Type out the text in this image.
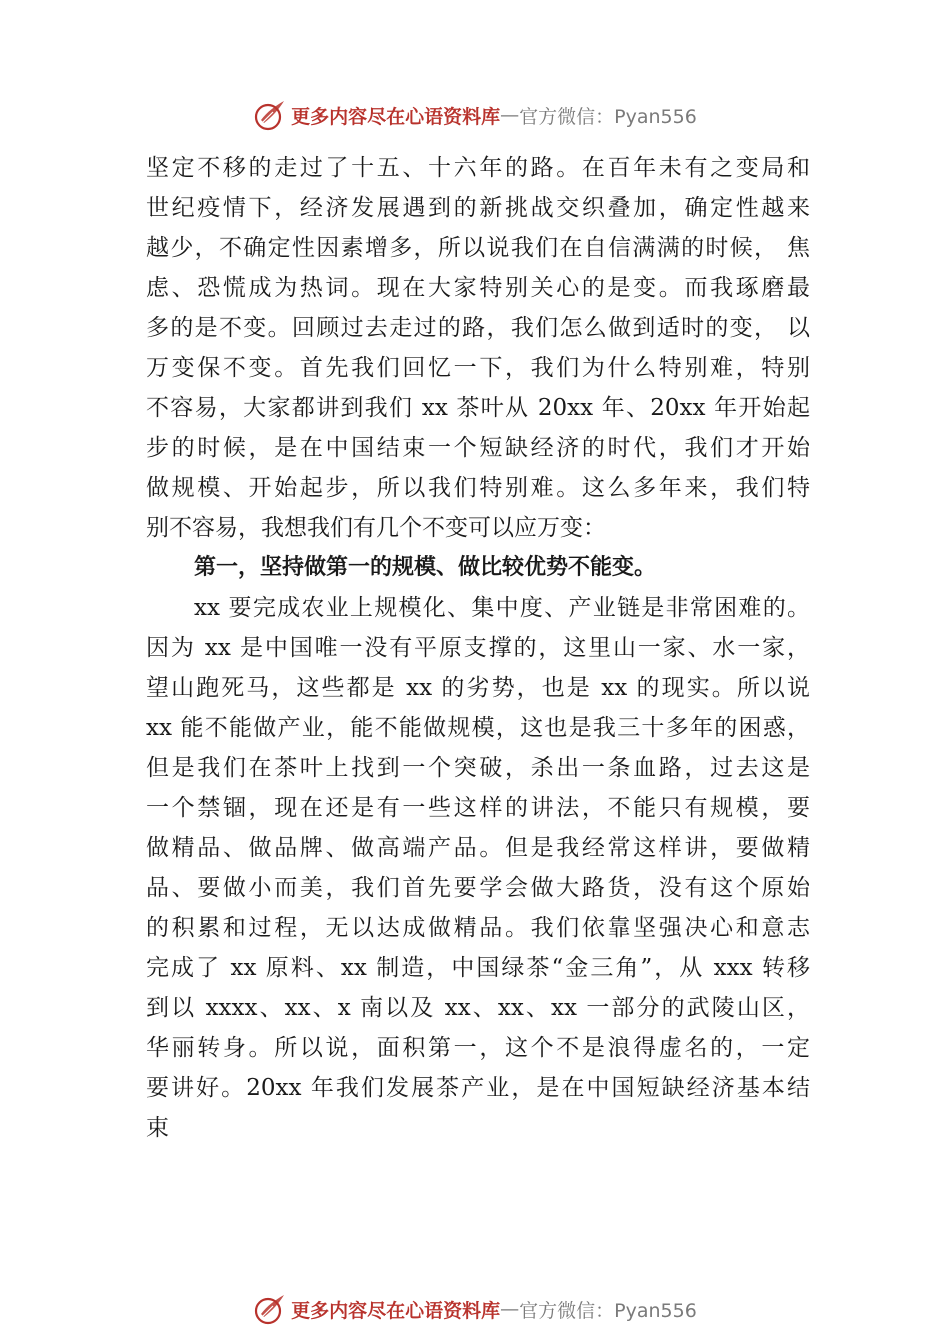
更多内容尽在心语资料库 — 官方微信：Pyan556
坚定不移的走过了十五、十六年的路。在百年未有之变局和
世纪疫情下，经济发展遇到的新挑战交织叠加，确定性越来
越少，不确定性因素增多，所以说我们在自信满满的时候， 焦
虑、恐慌成为热词。现在大家特别关心的是变。而我琢磨最
多的是不变。回顾过去走过的路，我们怎么做到适时的变， 以
万变保不变。首先我们回忆一下，我们为什么特别难，特别
不容易，大家都讲到我们 xx 茶叶从 20xx 年、20xx 年开始起
步的时候，是在中国结束一个短缺经济的时代，我们才开始
做规模、开始起步，所以我们特别难。这么多年来，我们特
别不容易，我想我们有几个不变可以应万变：
第一，坚持做第一的规模、做比较优势不能变。
xx 要完成农业上规模化、集中度、产业链是非常困难的。
因为 xx 是中国唯一没有平原支撑的，这里山一家、水一家，
望山跑死马，这些都是 xx 的劣势，也是 xx 的现实。所以说
xx 能不能做产业，能不能做规模，这也是我三十多年的困惑，
但是我们在茶叶上找到一个突破，杀出一条血路，过去这是
一个禁锢，现在还是有一些这样的讲法，不能只有规模，要
做精品、做品牌、做高端产品。但是我经常这样讲，要做精
品、要做小而美，我们首先要学会做大路货，没有这个原始
的积累和过程，无以达成做精品。我们依靠坚强决心和意志
完成了 xx 原料、xx 制造，中国绿茶“金三角”，从 xxx 转移
到以 xxxx、xx、x 南以及 xx、xx、xx 一部分的武陵山区，
华丽转身。所以说，面积第一，这个不是浪得虚名的，一定
要讲好。20xx 年我们发展茶产业，是在中国短缺经济基本结
束
更多内容尽在心语资料库 — 官方微信：Pyan556
